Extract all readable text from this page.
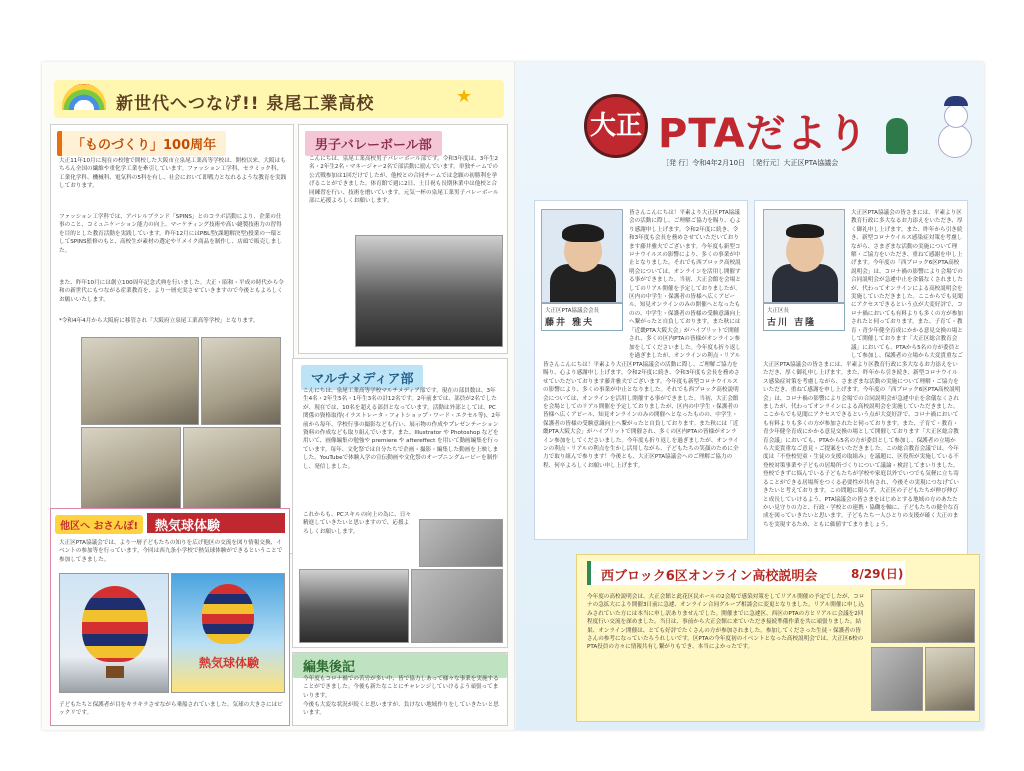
新世代へつなげ!! 泉尾工業高校	★
「ものづくり」100周年
大正11年10月に現在の校地で開校した大阪市立泉尾工業高等学校は、開校以来、大阪はもちろん全国の繊維や重化学工業を牽引しています。ファッション工学科、セラミック科、工業化学科、機械科、電気科の5科を有し、社会において即戦力となれるような教育を実践しております。
ファッション工学科では、アパレルブランド「SPINS」とのコラボ活動により、企業の仕事のこと、コミュニケーション能力の向上、マーケティング技術や高い縫製技術力の習得を目的とした教育活動を実践しています。昨年12月にはPBL型(課題解決型)授業の一環としてSPINS監修のもと、高校生が素材の選定やリメイク商品を制作し、店頭で販売しました。
また、昨年10月には創立100周年記念式典を行いました。大正・昭和・平成の時代から令和の新世代にもつながる産業教育を、より一層充実させていきますので今後ともよろしくお願いいたします。
*令和4年4月から大阪府に移管され「大阪府立泉尾工業高等学校」となります。
男子バレーボール部
こんにちは、泉尾工業高校男子バレーボール部です。令和3年度は、3年生2名・2年生2名・マネージャー2名で部活動に励んでいます。単独チームでの公式戦参加は1回だけでしたが、他校との合同チームでは念願の初勝利を挙げることができました。体育館で週に2日、土日祝も長期休業中は他校と合同練習を行い、技術を磨いています。元気一杯の泉尾工業男子バレーボール部に応援よろしくお願いします。
マルチメディア部
こんにちは、泉尾工業高等学校マルチメディア部です。現在の部員数は、3年生4名・2年生5名・1年生3名の計12名です。2年前までは、部員が2名でしたが、現在では、10名を超える部員となっています。活動は外部としては、PC関係の資格取得(イラストレータ・フォトショップ・ワード・エクセル等)、2年前から毎年、学校行事の撮影なども行い、展示物の作成やプレゼンテーション資料の作成なども取り組んでいます。また、Illustrator や Photoshop などを用いて、画像編集の勉強や premiere や aftereffect を用いて動画編集を行っています。毎年、文化祭では自分たちで企画・撮影・編集した動画を上映しました。YouTubeで体験入学の宣伝動画や文化祭のオープニングムービーを制作し、発信しました。
これからも、PCスキルの向上の為に、日々精進していきたいと思いますので、応援よろしくお願いします。
編集後記
今年度もコロナ禍での苦労が多い中、皆で協力しあって様々な事業を実施することができました。今後も新たなことにチャレンジしていけるよう頑張ってまいります。
今後も大変な状況が続くと思いますが、負けない地域作りをしていきたいと思います。
他区へ おさんぽ!	熱気球体験
大正区PTA協議会では、より一層子どもたちの知りを広げ他区の交流を図り情報交換、イベントの参加等を行っています。今回は西九条小学校で熱気球体験ができるということで参加してきました。
熱気球体験
子どもたちと保護者が目をキラキラさせながら乗船されていました。気球の大きさにはビックリです。
大正 PTAだより
［発 行］令和4年2月10日　［発行元］大正区PTA協議会
大正区PTA協議会会長
藤井 雅夫
皆さんこんにちは！平素より大正区PTA協議会の活動に際し、ご理解ご協力を賜り、心より感謝申し上げます。令和2年度に続き、令和3年度も会長を務めさせていただいております藤井雅夫でございます。今年度も新型コロナウイルスの影響により、多くの事業が中止となりました。それでも西ブロック高校説明会については、オンラインを活用し開催する事ができました。当初、大正会館を会場としてのリアル開催を予定しておりましたが、区内の中学生・保護者の皆様へ広くアピール、知見オンラインのみの開催へとなったものの、中学生・保護者の皆様の受験意識向上へ繋がったと自負しております。また秋には「近畿PTA大阪大会」がハイブリットで開催され、多くの区内PTAの皆様がオンライン参加をしてくださいました。今年度も折り返しを過ぎましたが、オンラインの利点・リアル
皆さんこんにちは！平素より大正区PTA協議会の活動に際し、ご理解ご協力を賜り、心より感謝申し上げます。令和2年度に続き、令和3年度も会長を務めさせていただいております藤井雅夫でございます。今年度も新型コロナウイルスの影響により、多くの事業が中止となりました。それでも西ブロック高校説明会については、オンラインを活用し開催する事ができました。当初、大正会館を会場としてのリアル開催を予定しておりましたが、区内の中学生・保護者の皆様へ広くアピール、知見オンラインのみの開催へとなったものの、中学生・保護者の皆様の受験意識向上へ繋がったと自負しております。また秋には「近畿PTA大阪大会」がハイブリットで開催され、多くの区内PTAの皆様がオンライン参加をしてくださいました。今年度も折り返しを過ぎましたが、オンラインの利点・リアルの利点を生かし活用しながら、子どもたちの笑顔のために全力で取り組んで参ります！今後とも、大正区PTA協議会へのご理解ご協力の程、何卒よろしくお願い申し上げます。
大正区長
古川 吉隆
大正区PTA協議会の皆さまには、平素より区教育行政に多大なるお力添えをいただき、厚く御礼申し上げます。また、昨年から引き続き、新型コロナウイルス感染症対策を考慮しながら、さまざまな活動の実施について理解・ご協力をいただき、重ねて感謝を申し上げます。今年度の「西ブロック6区PTA高校説明会」は、コロナ禍の影響により会場での合同説明会が急遽中止を余儀なくされましたが、代わってオンラインによる高校説明会を実施していただきました。ここからでも見聞にアクセスできるという点が大変好評で、コロナ禍においても有料よりも多くの方が参加されたと伺っております。また、子育て・教育・青少年健全育成にかかる意見交換の場として開催しております「大正区総合教育会議」においても、PTAから5名の方が委員として参加し、保護者の立場から大変貴重なご
大正区PTA協議会の皆さまには、平素より区教育行政に多大なるお力添えをいただき、厚く御礼申し上げます。また、昨年から引き続き、新型コロナウイルス感染症対策を考慮しながら、さまざまな活動の実施について理解・ご協力をいただき、重ねて感謝を申し上げます。今年度の「西ブロック6区PTA高校説明会」は、コロナ禍の影響により会場での合同説明会が急遽中止を余儀なくされましたが、代わってオンラインによる高校説明会を実施していただきました。ここからでも見聞にアクセスできるという点が大変好評で、コロナ禍においても有料よりも多くの方が参加されたと伺っております。また、子育て・教育・青少年健全育成にかかる意見交換の場として開催しております「大正区総合教育会議」においても、PTAから5名の方が委員として参加し、保護者の立場から大変貴重なご意見・ご提案をいただきました。この総合教育会議では、今年度は「不登校児童・生徒の支援の取組み」を議題に、区役所が実施している不登校対策事業や子どもの居場所づくりについて議論・検討してまいりました。登校できずに悩んでいる子どもたちが学校や家庭以外でいつでも気軽に立ち寄ることができる居場所をつくる必要性が共有され、今後その実現につなげていきたいと考えております。この問題に限らず、大正区の子どもたちが伸び伸びと成長していけるよう、PTA協議会の皆さまをはじめとする地域の方のあたたかい見守りの力と、行政・学校との連携・協働を軸に、子どもたちの健全な育成を図っていきたいと思います。子どもたち一人ひとりの支援が確く大正のまちを実現するため、ともに価値すてまりましょう。
西ブロック6区オンライン高校説明会	8/29(日)
今年度の高校説明会は、大正会館と此花区民ホールの2会場で感染対策をしてリアル開催の予定でしたが、コロナの急拡大により開催3日前に急遽、オンライン合同グループ相談会に変更となりました。リアル開催に申し込みされていた方には本当に申し訳ありませんでした。開催までに急遽区、西区のPTAの方とリアルに会議を2回程度行い交流を深めました。当日は、事前から大正会館に来ていただき接続準備作業を共に頑張りました。結果、オンライン開催は、とても好評でたくさんの方が参加されました。参加してくださった生徒・保護者の皆さんの参考になっていたらうれしいです。区PTAの今年度初のイベントとなった高校説明会では、大正区6校のPTA役員の方々に情報共有し繋がりもでき、本当によかったです。
